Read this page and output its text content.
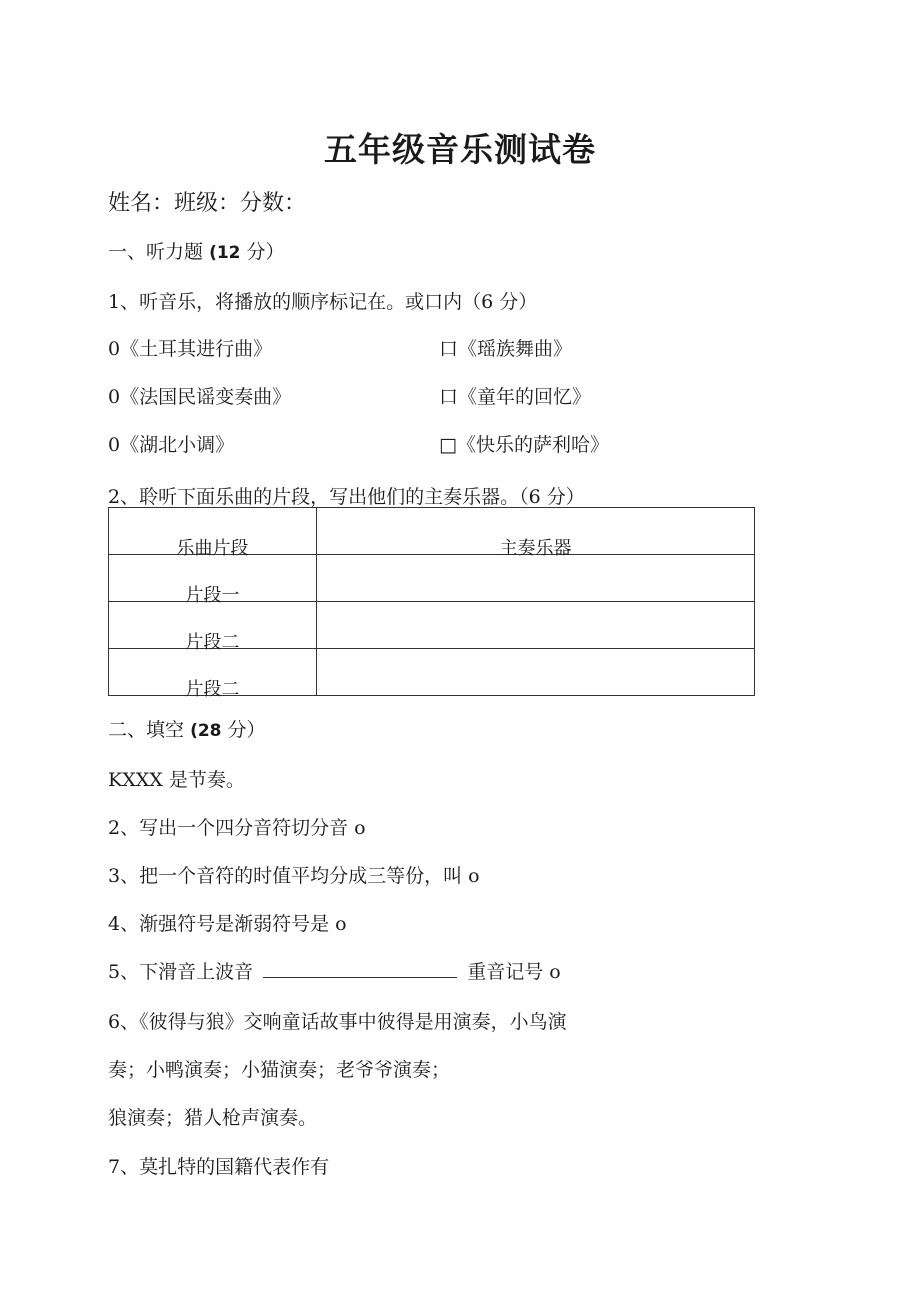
五年级音乐测试卷
姓名：班级：分数：
一、听力题 (12 分）
1、听音乐，将播放的顺序标记在。或口内（6 分）
0《土耳其进行曲》	口《瑶族舞曲》
0《法国民谣变奏曲》	口《童年的回忆》
0《湖北小调》	□《快乐的萨利哈》
2、聆听下面乐曲的片段，写出他们的主奏乐器。（6 分）
乐曲片段	主奏乐器
片段一	
片段二	
片段二	
二、填空 (28 分）
KXXX 是节奏。
2、写出一个四分音符切分音 o
3、把一个音符的时值平均分成三等份，叫 o
4、渐强符号是渐弱符号是 o
5、下滑音上波音	重音记号 o
6、《彼得与狼》交响童话故事中彼得是用演奏，小鸟演
奏；小鸭演奏；小猫演奏；老爷爷演奏；
狼演奏；猎人枪声演奏。
7、莫扎特的国籍代表作有
